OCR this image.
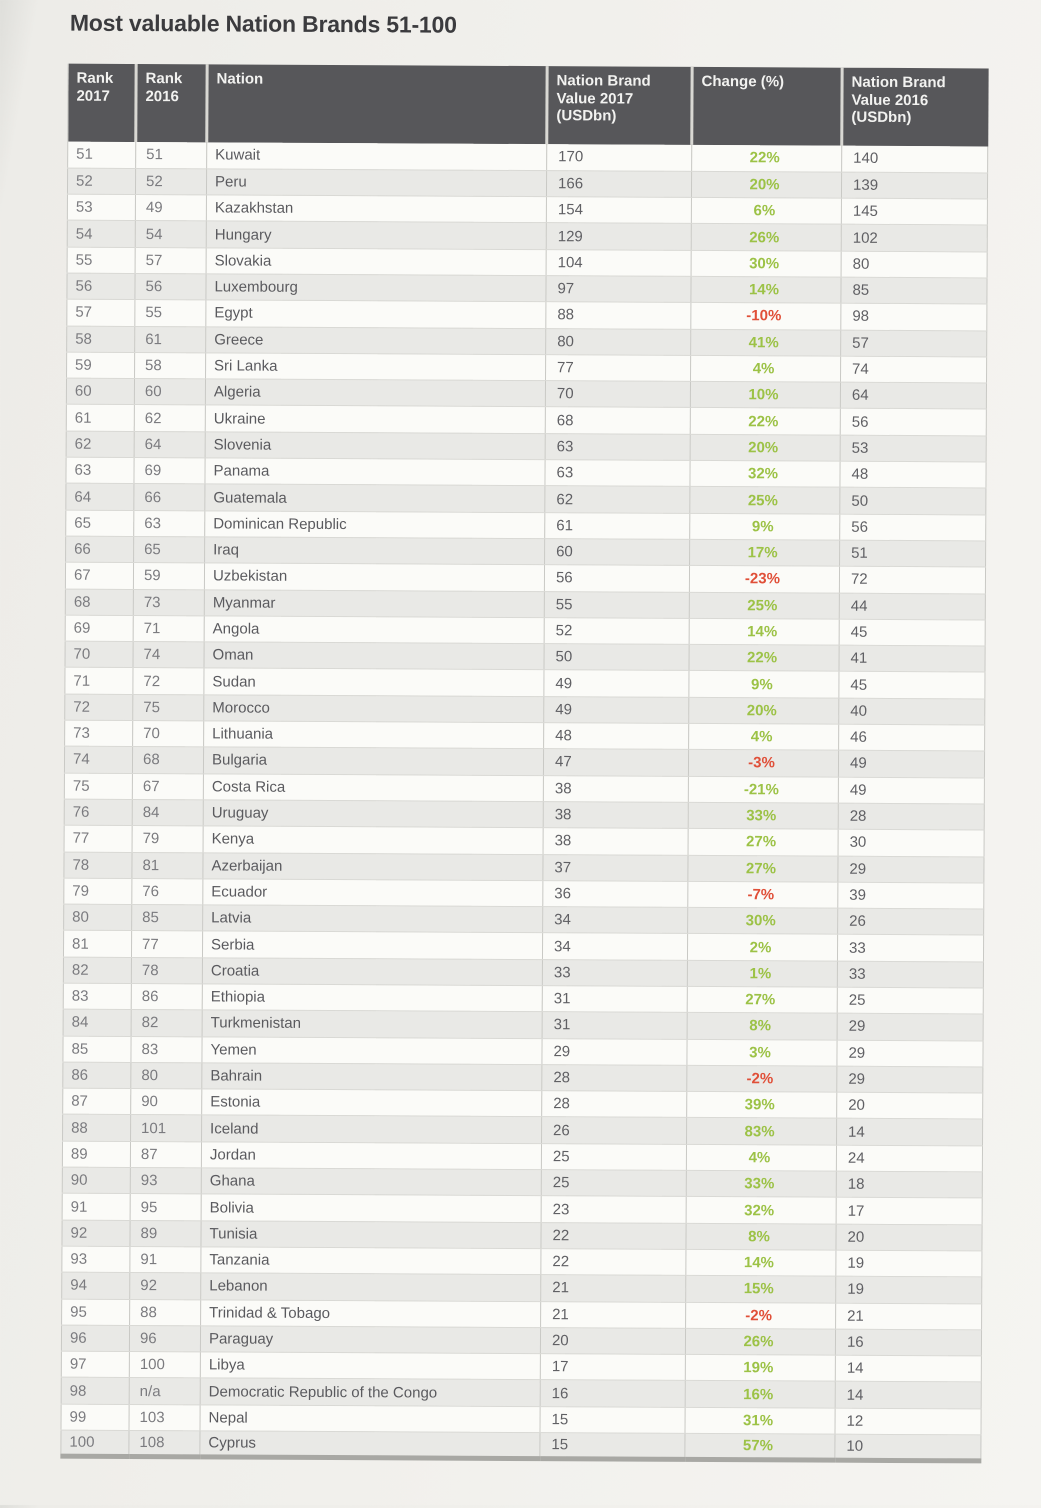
Most valuable Nation Brands 51-100
Rank 2017	Rank 2016	Nation	Nation Brand Value 2017 (USDbn)	Change (%)	Nation Brand Value 2016 (USDbn)
51	51	Kuwait	170	22%	140
52	52	Peru	166	20%	139
53	49	Kazakhstan	154	6%	145
54	54	Hungary	129	26%	102
55	57	Slovakia	104	30%	80
56	56	Luxembourg	97	14%	85
57	55	Egypt	88	-10%	98
58	61	Greece	80	41%	57
59	58	Sri Lanka	77	4%	74
60	60	Algeria	70	10%	64
61	62	Ukraine	68	22%	56
62	64	Slovenia	63	20%	53
63	69	Panama	63	32%	48
64	66	Guatemala	62	25%	50
65	63	Dominican Republic	61	9%	56
66	65	Iraq	60	17%	51
67	59	Uzbekistan	56	-23%	72
68	73	Myanmar	55	25%	44
69	71	Angola	52	14%	45
70	74	Oman	50	22%	41
71	72	Sudan	49	9%	45
72	75	Morocco	49	20%	40
73	70	Lithuania	48	4%	46
74	68	Bulgaria	47	-3%	49
75	67	Costa Rica	38	-21%	49
76	84	Uruguay	38	33%	28
77	79	Kenya	38	27%	30
78	81	Azerbaijan	37	27%	29
79	76	Ecuador	36	-7%	39
80	85	Latvia	34	30%	26
81	77	Serbia	34	2%	33
82	78	Croatia	33	1%	33
83	86	Ethiopia	31	27%	25
84	82	Turkmenistan	31	8%	29
85	83	Yemen	29	3%	29
86	80	Bahrain	28	-2%	29
87	90	Estonia	28	39%	20
88	101	Iceland	26	83%	14
89	87	Jordan	25	4%	24
90	93	Ghana	25	33%	18
91	95	Bolivia	23	32%	17
92	89	Tunisia	22	8%	20
93	91	Tanzania	22	14%	19
94	92	Lebanon	21	15%	19
95	88	Trinidad & Tobago	21	-2%	21
96	96	Paraguay	20	26%	16
97	100	Libya	17	19%	14
98	n/a	Democratic Republic of the Congo	16	16%	14
99	103	Nepal	15	31%	12
100	108	Cyprus	15	57%	10
